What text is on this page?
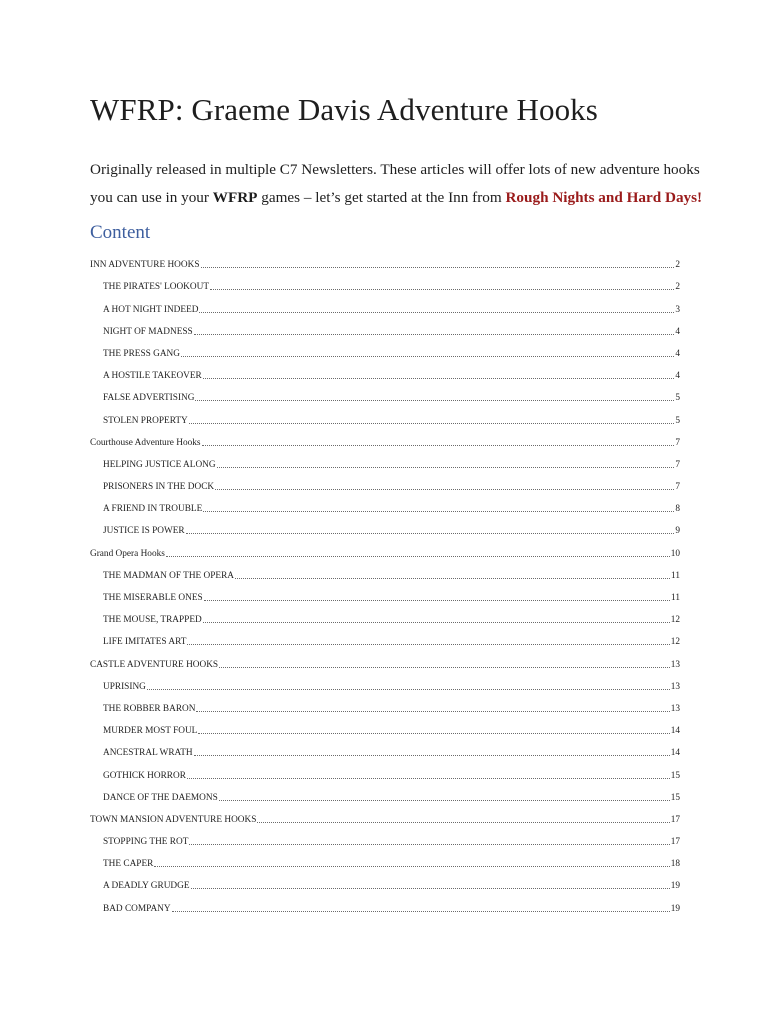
WFRP: Graeme Davis Adventure Hooks

Originally released in multiple C7 Newsletters. These articles will offer lots of new adventure hooks you can use in your WFRP games – let’s get started at the Inn from Rough Nights and Hard Days!

Content
INN ADVENTURE HOOKS	2
THE PIRATES' LOOKOUT	2
A HOT NIGHT INDEED	3
NIGHT OF MADNESS	4
THE PRESS GANG	4
A HOSTILE TAKEOVER	4
FALSE ADVERTISING	5
STOLEN PROPERTY	5
Courthouse Adventure Hooks	7
HELPING JUSTICE ALONG	7
PRISONERS IN THE DOCK	7
A FRIEND IN TROUBLE	8
JUSTICE IS POWER	9
Grand Opera Hooks	10
THE MADMAN OF THE OPERA	11
THE MISERABLE ONES	11
THE MOUSE, TRAPPED	12
LIFE IMITATES ART	12
CASTLE ADVENTURE HOOKS	13
UPRISING	13
THE ROBBER BARON	13
MURDER MOST FOUL	14
ANCESTRAL WRATH	14
GOTHICK HORROR	15
DANCE OF THE DAEMONS	15
TOWN MANSION ADVENTURE HOOKS	17
STOPPING THE ROT	17
THE CAPER	18
A DEADLY GRUDGE	19
BAD COMPANY	19
